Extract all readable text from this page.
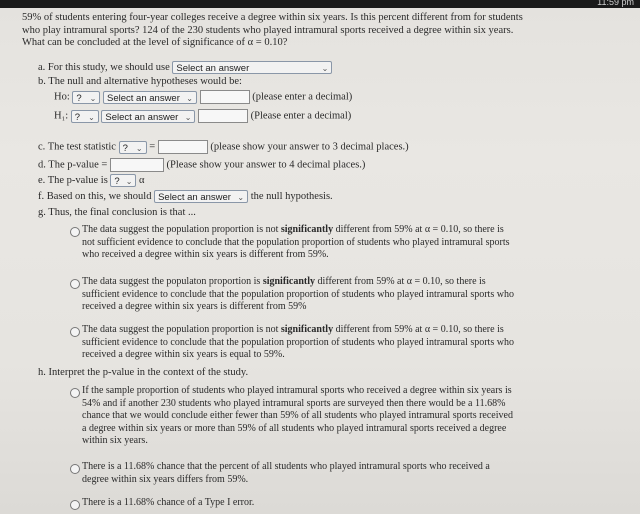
11:59 pm
59% of students entering four-year colleges receive a degree within six years. Is this percent different from for students
who play intramural sports? 124 of the 230 students who played intramural sports received a degree within six years.
What can be concluded at the level of significance of α = 0.10?
a. For this study, we should use Select an answer	⌄
b. The null and alternative hypotheses would be:
Ho: ? ⌄ Select an answer ⌄	(please enter a decimal)
H₁: ? ⌄ Select an answer ⌄	(Please enter a decimal)
c. The test statistic ? ⌄ =	(please show your answer to 3 decimal places.)
d. The p-value =	(Please show your answer to 4 decimal places.)
e. The p-value is ? ⌄ α
f. Based on this, we should Select an answer ⌄ the null hypothesis.
g. Thus, the final conclusion is that ...
The data suggest the population proportion is not significantly different from 59% at α = 0.10, so there is
not sufficient evidence to conclude that the population proportion of students who played intramural sports
who received a degree within six years is different from 59%.
The data suggest the populaton proportion is significantly different from 59% at α = 0.10, so there is
sufficient evidence to conclude that the population proportion of students who played intramural sports who
received a degree within six years is different from 59%
The data suggest the population proportion is not significantly different from 59% at α = 0.10, so there is
sufficient evidence to conclude that the population proportion of students who played intramural sports who
received a degree within six years is equal to 59%.
h. Interpret the p-value in the context of the study.
If the sample proportion of students who played intramural sports who received a degree within six years is
54% and if another 230 students who played intramural sports are surveyed then there would be a 11.68%
chance that we would conclude either fewer than 59% of all students who played intramural sports received
a degree within six years or more than 59% of all students who played intramural sports received a degree
within six years.
There is a 11.68% chance that the percent of all students who played intramural sports who received a
degree within six years differs from 59%.
There is a 11.68% chance of a Type I error.
